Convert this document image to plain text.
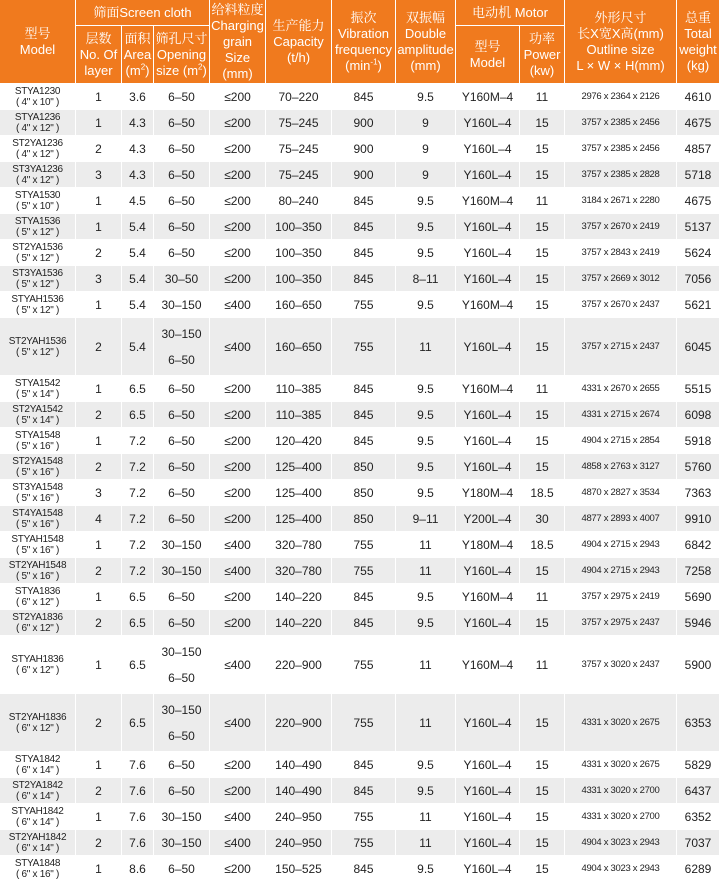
型号
Model	筛面Screen cloth			给料粒度
Charging
grain Size
(mm)	生产能力
Capacity
(t/h)	振次
Vibration
frequency
$(\min^{-1})$	双振幅
Double
amplitude
(mm)	电动机 Motor		外形尺寸
长X宽X高(mm)
Outline size
L × W × H(mm)	总重
Total
weight
(kg)

	层数
No. Of
layer	面积
Area
$(m^2)$	筛孔尺寸
Opening
size $(m^2)$					型号
Model	功率
Power
(kw)		

STYA1230
( 4" x 10" )	1	3.6	6–50	≤200	70–220	845	9.5	Y160M–4	11	2976 x 2364 x 2126	4610

STYA1236
( 4" x 12" )	1	4.3	6–50	≤200	75–245	900	9	Y160L–4	15	3757 x 2385 x 2456	4675

ST2YA1236
( 4" x 12" )	2	4.3	6–50	≤200	75–245	900	9	Y160L–4	15	3757 x 2385 x 2456	4857

ST3YA1236
( 4" x 12" )	3	4.3	6–50	≤200	75–245	900	9	Y160L–4	15	3757 x 2385 x 2828	5718

STYA1530
( 5" x 10" )	1	4.5	6–50	≤200	80–240	845	9.5	Y160M–4	11	3184 x 2671 x 2280	4675

STYA1536
( 5" x 12" )	1	5.4	6–50	≤200	100–350	845	9.5	Y160L–4	15	3757 x 2670 x 2419	5137

ST2YA1536
( 5" x 12" )	2	5.4	6–50	≤200	100–350	845	9.5	Y160L–4	15	3757 x 2843 x 2419	5624

ST3YA1536
( 5" x 12" )	3	5.4	30–50	≤200	100–350	845	8–11	Y160L–4	15	3757 x 2669 x 3012	7056

STYAH1536
( 5" x 12" )	1	5.4	30–150	≤400	160–650	755	9.5	Y160M–4	15	3757 x 2670 x 2437	5621

ST2YAH1536
( 5" x 12" )	2	5.4	30–150
6–50	≤400	160–650	755	11	Y160L–4	15	3757 x 2715 x 2437	6045

STYA1542
( 5" x 14" )	1	6.5	6–50	≤200	110–385	845	9.5	Y160M–4	11	4331 x 2670 x 2655	5515

ST2YA1542
( 5" x 14" )	2	6.5	6–50	≤200	110–385	845	9.5	Y160L–4	15	4331 x 2715 x 2674	6098

STYA1548
( 5" x 16" )	1	7.2	6–50	≤200	120–420	845	9.5	Y160L–4	15	4904 x 2715 x 2854	5918

ST2YA1548
( 5" x 16" )	2	7.2	6–50	≤200	125–400	850	9.5	Y160L–4	15	4858 x 2763 x 3127	5760

ST3YA1548
( 5" x 16" )	3	7.2	6–50	≤200	125–400	850	9.5	Y180M–4	18.5	4870 x 2827 x 3534	7363

ST4YA1548
( 5" x 16" )	4	7.2	6–50	≤200	125–400	850	9–11	Y200L–4	30	4877 x 2893 x 4007	9910

STYAH1548
( 5" x 16" )	1	7.2	30–150	≤400	320–780	755	11	Y180M–4	18.5	4904 x 2715 x 2943	6842

ST2YAH1548
( 5" x 16" )	2	7.2	30–150	≤400	320–780	755	11	Y160L–4	15	4904 x 2715 x 2943	7258

STYA1836
( 6" x 12" )	1	6.5	6–50	≤200	140–220	845	9.5	Y160M–4	11	3757 x 2975 x 2419	5690

ST2YA1836
( 6" x 12" )	2	6.5	6–50	≤200	140–220	845	9.5	Y160L–4	15	3757 x 2975 x 2437	5946

STYAH1836
( 6" x 12" )	1	6.5	30–150
6–50	≤400	220–900	755	11	Y160M–4	11	3757 x 3020 x 2437	5900

ST2YAH1836
( 6" x 12" )	2	6.5	30–150
6–50	≤400	220–900	755	11	Y160L–4	15	4331 x 3020 x 2675	6353

STYA1842
( 6" x 14" )	1	7.6	6–50	≤200	140–490	845	9.5	Y160L–4	15	4331 x 3020 x 2675	5829

ST2YA1842
( 6" x 14" )	2	7.6	6–50	≤200	140–490	845	9.5	Y160L–4	15	4331 x 3020 x 2700	6437

STYAH1842
( 6" x 14" )	1	7.6	30–150	≤400	240–950	755	11	Y160L–4	15	4331 x 3020 x 2700	6352

ST2YAH1842
( 6" x 14" )	2	7.6	30–150	≤400	240–950	755	11	Y160L–4	15	4904 x 3023 x 2943	7037

STYA1848
( 6" x 16" )	1	8.6	6–50	≤200	150–525	845	9.5	Y160L–4	15	4904 x 3023 x 2943	6289
